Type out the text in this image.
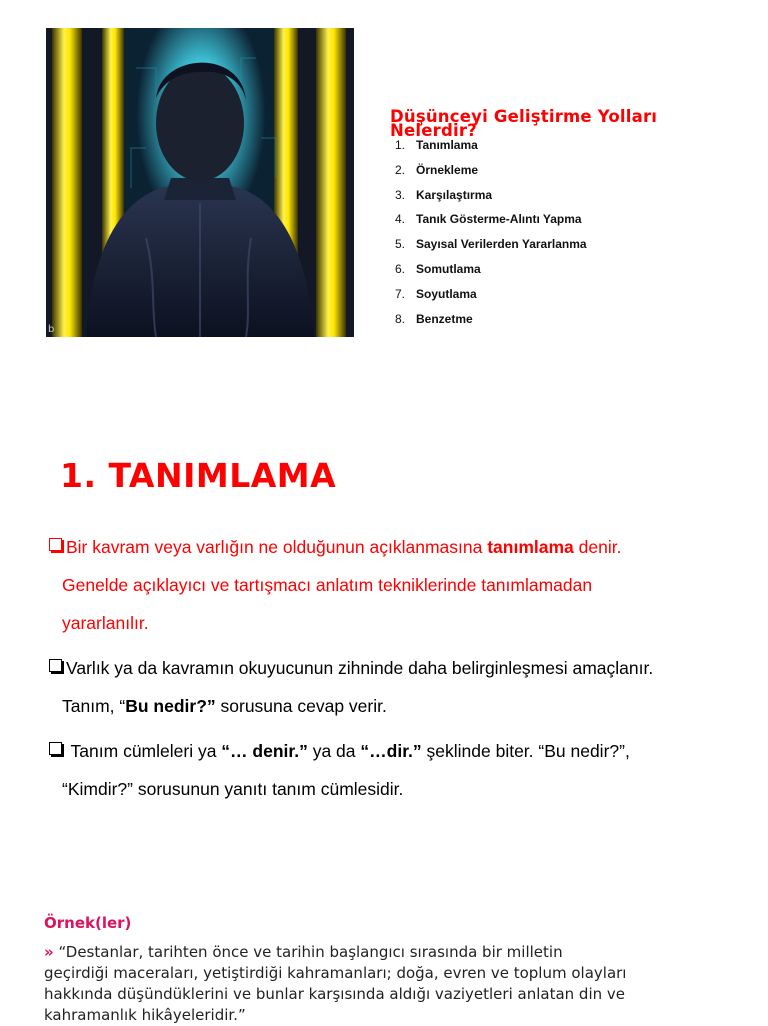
b
Düşünceyi Geliştirme Yolları
Nelerdir?
1. Tanımlama
2. Örnekleme
3. Karşılaştırma
4. Tanık Gösterme-Alıntı Yapma
5. Sayısal Verilerden Yararlanma
6. Somutlama
7. Soyutlama
8. Benzetme
1. TANIMLAMA
Bir kavram veya varlığın ne olduğunun açıklanmasına tanımlama denir.
Genelde açıklayıcı ve tartışmacı anlatım tekniklerinde tanımlamadan
yararlanılır.
Varlık ya da kavramın okuyucunun zihninde daha belirginleşmesi amaçlanır.
Tanım, “Bu nedir?” sorusuna cevap verir.
Tanım cümleleri ya “… denir.” ya da “…dir.” şeklinde biter. “Bu nedir?”,
“Kimdir?” sorusunun yanıtı tanım cümlesidir.
Örnek(ler)
» “Destanlar, tarihten önce ve tarihin başlangıcı sırasında bir milletin
geçirdiği maceraları, yetiştirdiği kahramanları; doğa, evren ve toplum olayları
hakkında düşündüklerini ve bunlar karşısında aldığı vaziyetleri anlatan din ve
kahramanlık hikâyeleridir.”
